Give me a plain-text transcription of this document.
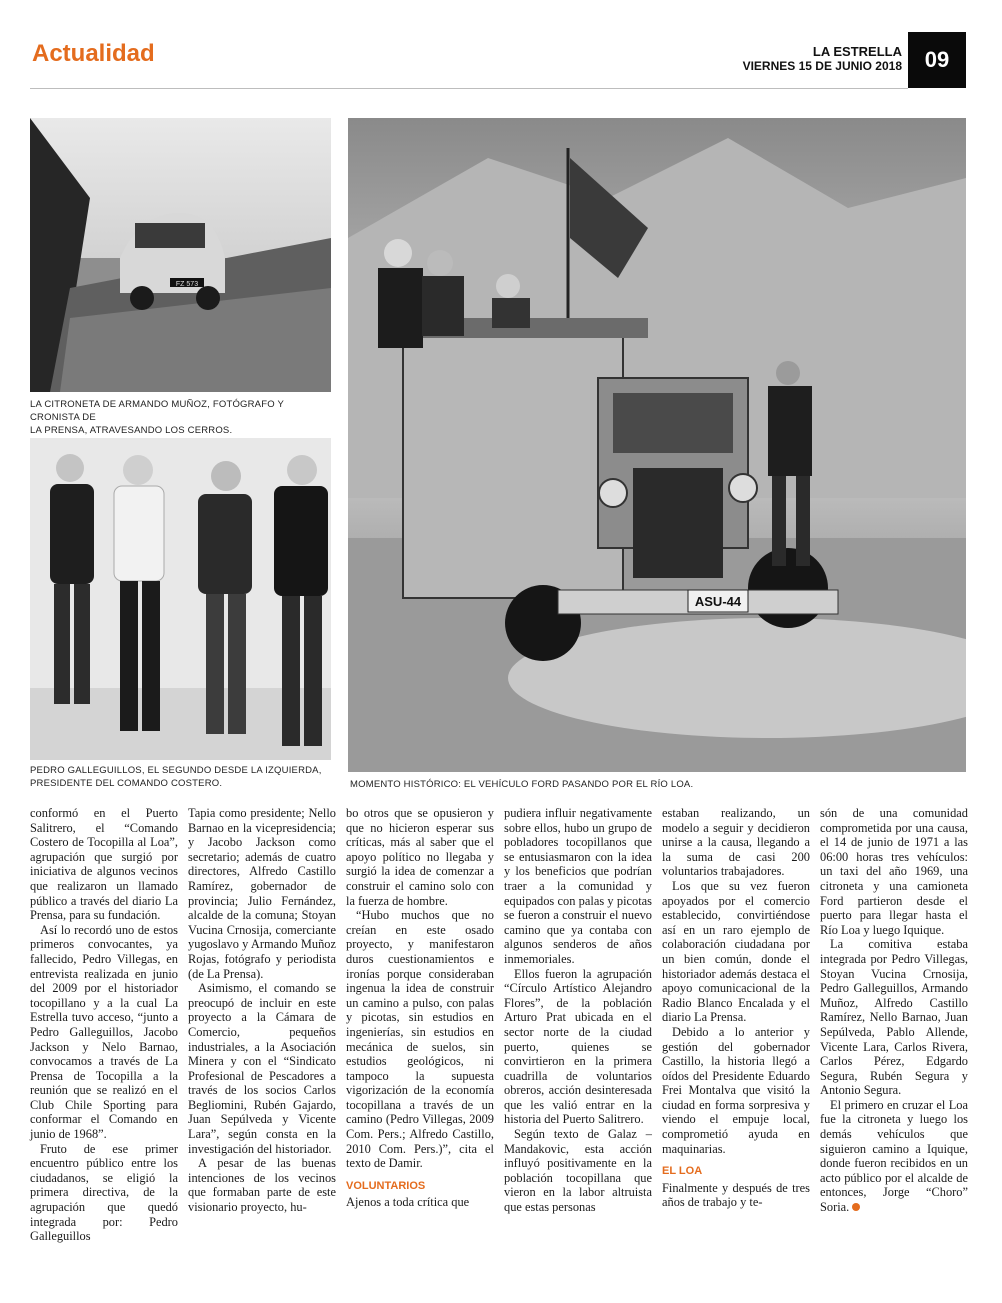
Actualidad	LA ESTRELLA
VIERNES 15 DE JUNIO 2018	09
FZ 573
LA CITRONETA DE ARMANDO MUÑOZ, FOTÓGRAFO Y CRONISTA DE
LA PRENSA, ATRAVESANDO LOS CERROS.
PEDRO GALLEGUILLOS, EL SEGUNDO DESDE LA IZQUIERDA,
PRESIDENTE DEL COMANDO COSTERO.
ASU-44
MOMENTO HISTÓRICO: EL VEHÍCULO FORD PASANDO POR EL RÍO LOA.

conformó en el Puerto Salitrero, el “Comando Costero de Tocopilla al Loa”, agrupación que surgió por iniciativa de algunos vecinos que realizaron un llamado público a través del diario La Prensa, para su fundación.

Así lo recordó uno de estos primeros convocantes, ya fallecido, Pedro Villegas, en entrevista realizada en junio del 2009 por el historiador tocopillano y a la cual La Estrella tuvo acceso, “junto a Pedro Galleguillos, Jacobo Jackson y Nelo Barnao, convocamos a través de La Prensa de Tocopilla a la reunión que se realizó en el Club Chile Sporting para conformar el Comando en junio de 1968”.

Fruto de ese primer encuentro público entre los ciudadanos, se eligió la primera directiva, de la agrupación que quedó integrada por: Pedro Galleguillos

Tapia como presidente; Nello Barnao en la vicepresidencia; y Jacobo Jackson como secretario; además de cuatro directores, Alfredo Castillo Ramírez, gobernador de provincia; Julio Fernández, alcalde de la comuna; Stoyan Vucina Crnosija, comerciante yugoslavo y Armando Muñoz Rojas, fotógrafo y periodista (de La Prensa).

Asimismo, el comando se preocupó de incluir en este proyecto a la Cámara de Comercio, pequeños industriales, a la Asociación Minera y con el “Sindicato Profesional de Pescadores a través de los socios Carlos Begliomini, Rubén Gajardo, Juan Sepúlveda y Vicente Lara”, según consta en la investigación del historiador.

A pesar de las buenas intenciones de los vecinos que formaban parte de este visionario proyecto, hu-

bo otros que se opusieron y que no hicieron esperar sus críticas, más al saber que el apoyo político no llegaba y surgió la idea de comenzar a construir el camino solo con la fuerza de hombre.

“Hubo muchos que no creían en este osado proyecto, y manifestaron duros cuestionamientos e ironías porque consideraban ingenua la idea de construir un camino a pulso, con palas y picotas, sin estudios en ingenierías, sin estudios en mecánica de suelos, sin estudios geológicos, ni tampoco la supuesta vigorización de la economía tocopillana a través de un camino (Pedro Villegas, 2009 Com. Pers.; Alfredo Castillo, 2010 Com. Pers.)”, cita el texto de Damir.

VOLUNTARIOS

Ajenos a toda crítica que

pudiera influir negativamente sobre ellos, hubo un grupo de pobladores tocopillanos que se entusiasmaron con la idea y los beneficios que podrían traer a la comunidad y equipados con palas y picotas se fueron a construir el nuevo camino que ya contaba con algunos senderos de años inmemoriales.

Ellos fueron la agrupación “Círculo Artístico Alejandro Flores”, de la población Arturo Prat ubicada en el sector norte de la ciudad puerto, quienes se convirtieron en la primera cuadrilla de voluntarios obreros, acción desinteresada que les valió entrar en la historia del Puerto Salitrero.

Según texto de Galaz – Mandakovic, esta acción influyó positivamente en la población tocopillana que vieron en la labor altruista que estas personas

estaban realizando, un modelo a seguir y decidieron unirse a la causa, llegando a la suma de casi 200 voluntarios trabajadores.

Los que su vez fueron apoyados por el comercio establecido, convirtiéndose así en un raro ejemplo de colaboración ciudadana por un bien común, donde el historiador además destaca el apoyo comunicacional de la Radio Blanco Encalada y el diario La Prensa.

Debido a lo anterior y gestión del gobernador Castillo, la historia llegó a oídos del Presidente Eduardo Frei Montalva que visitó la ciudad en forma sorpresiva y viendo el empuje local, comprometió ayuda en maquinarias.

EL LOA

Finalmente y después de tres años de trabajo y te-

són de una comunidad comprometida por una causa, el 14 de junio de 1971 a las 06:00 horas tres vehículos: un taxi del año 1969, una citroneta y una camioneta Ford partieron desde el puerto para llegar hasta el Río Loa y luego Iquique.

La comitiva estaba integrada por Pedro Villegas, Stoyan Vucina Crnosija, Pedro Galleguillos, Armando Muñoz, Alfredo Castillo Ramírez, Nello Barnao, Juan Sepúlveda, Pablo Allende, Vicente Lara, Carlos Rivera, Carlos Pérez, Edgardo Segura, Rubén Segura y Antonio Segura.

El primero en cruzar el Loa fue la citroneta y luego los demás vehículos que siguieron camino a Iquique, donde fueron recibidos en un acto público por el alcalde de entonces, Jorge “Choro” Soria.
